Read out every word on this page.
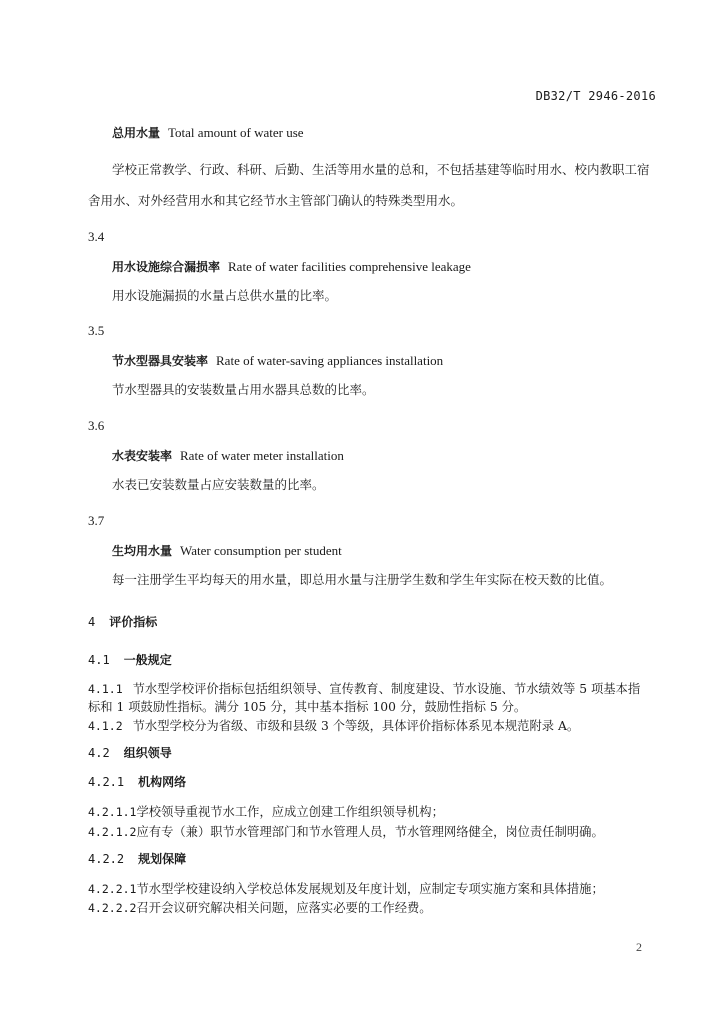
DB32/T 2946-2016
总用水量 Total amount of water use
学校正常教学、行政、科研、后勤、生活等用水量的总和，不包括基建等临时用水、校内教职工宿
舍用水、对外经营用水和其它经节水主管部门确认的特殊类型用水。
3.4
用水设施综合漏损率 Rate of water facilities comprehensive leakage
用水设施漏损的水量占总供水量的比率。
3.5
节水型器具安装率 Rate of water-saving appliances installation
节水型器具的安装数量占用水器具总数的比率。
3.6
水表安装率 Rate of water meter installation
水表已安装数量占应安装数量的比率。
3.7
生均用水量 Water consumption per student
每一注册学生平均每天的用水量，即总用水量与注册学生数和学生年实际在校天数的比值。
4 评价指标
4.1 一般规定
4.1.1 节水型学校评价指标包括组织领导、宣传教育、制度建设、节水设施、节水绩效等 5 项基本指
标和 1 项鼓励性指标。满分 105 分，其中基本指标 100 分，鼓励性指标 5 分。
4.1.2 节水型学校分为省级、市级和县级 3 个等级，具体评价指标体系见本规范附录 A。
4.2 组织领导
4.2.1 机构网络
4.2.1.1学校领导重视节水工作，应成立创建工作组织领导机构；
4.2.1.2应有专（兼）职节水管理部门和节水管理人员，节水管理网络健全，岗位责任制明确。
4.2.2 规划保障
4.2.2.1节水型学校建设纳入学校总体发展规划及年度计划，应制定专项实施方案和具体措施；
4.2.2.2召开会议研究解决相关问题，应落实必要的工作经费。
2
